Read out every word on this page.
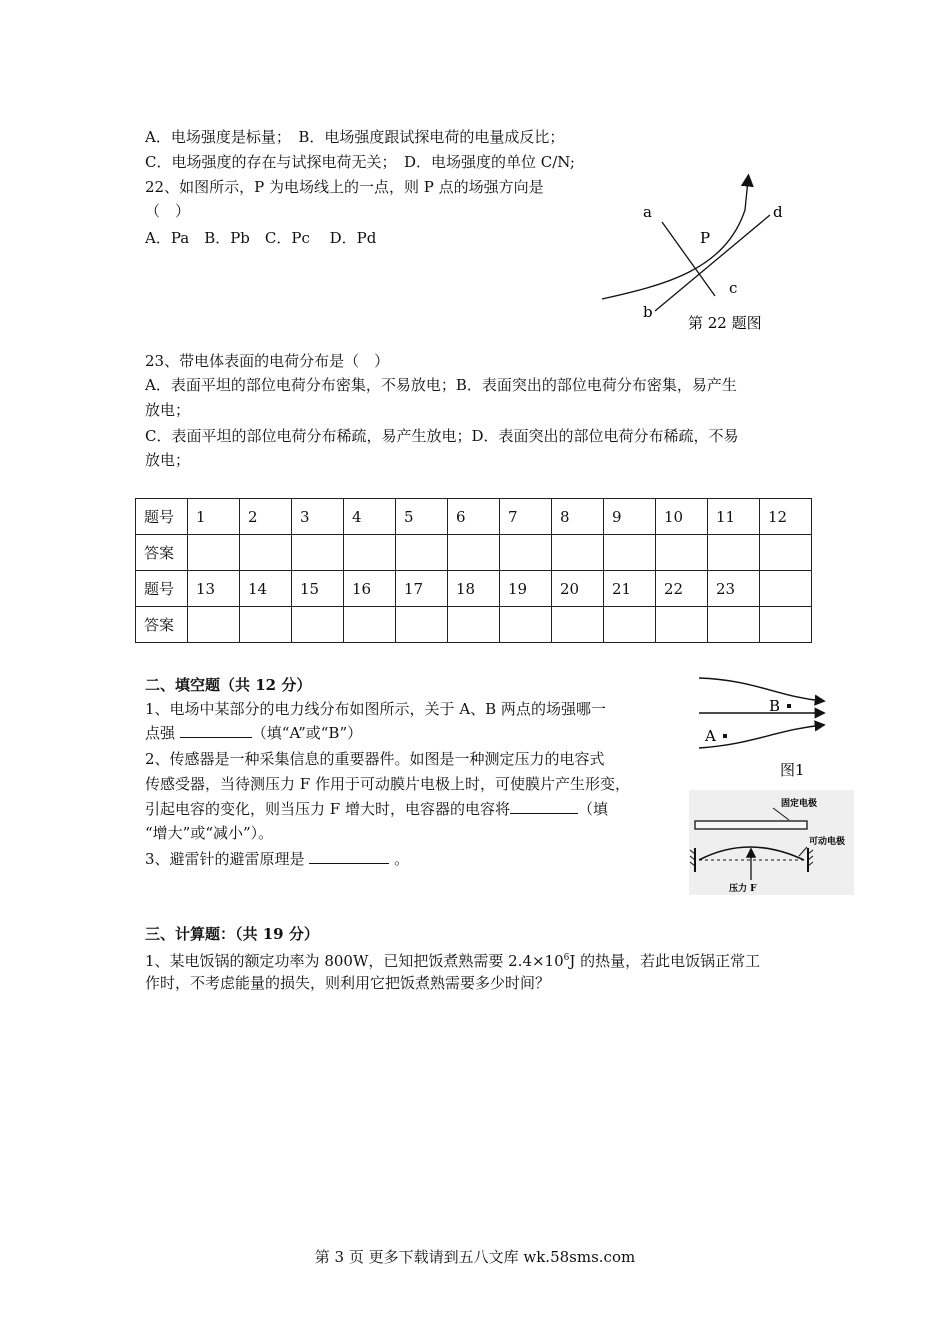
A．电场强度是标量；　B．电场强度跟试探电荷的电量成反比；
C．电场强度的存在与试探电荷无关；　D．电场强度的单位 C/N;
22、如图所示，P 为电场线上的一点，则 P 点的场强方向是
（　）
A．Pa　B．Pb　C．Pc　 D．Pd
a	d
P
c
b
第 22 题图
23、带电体表面的电荷分布是（　）
A．表面平坦的部位电荷分布密集，不易放电；B．表面突出的部位电荷分布密集，易产生
放电；
C．表面平坦的部位电荷分布稀疏，易产生放电；D．表面突出的部位电荷分布稀疏，不易
放电；
题号	1	2	3	4	5	6	7	8	9	10	11	12
答案												
题号	13	14	15	16	17	18	19	20	21	22	23	
答案												
二、填空题（共 12 分）
1、电场中某部分的电力线分布如图所示，关于 A、B 两点的场强哪一
点强	（填“A”或“B”）
2、传感器是一种采集信息的重要器件。如图是一种测定压力的电容式
传感受器，当待测压力 F 作用于可动膜片电极上时，可使膜片产生形变，
引起电容的变化，则当压力 F 增大时，电容器的电容将	（填
“增大”或“减小”）。
3、避雷针的避雷原理是	。
B
A
图1
固定电极
可动电极
压力 F
三、计算题：（共 19 分）
1、某电饭锅的额定功率为 800W，已知把饭煮熟需要 $2.4\times 10^6J$ 的热量，若此电饭锅正常工
作时，不考虑能量的损失，则利用它把饭煮熟需要多少时间？
第 3 页 更多下载请到五八文库 wk.58sms.com
